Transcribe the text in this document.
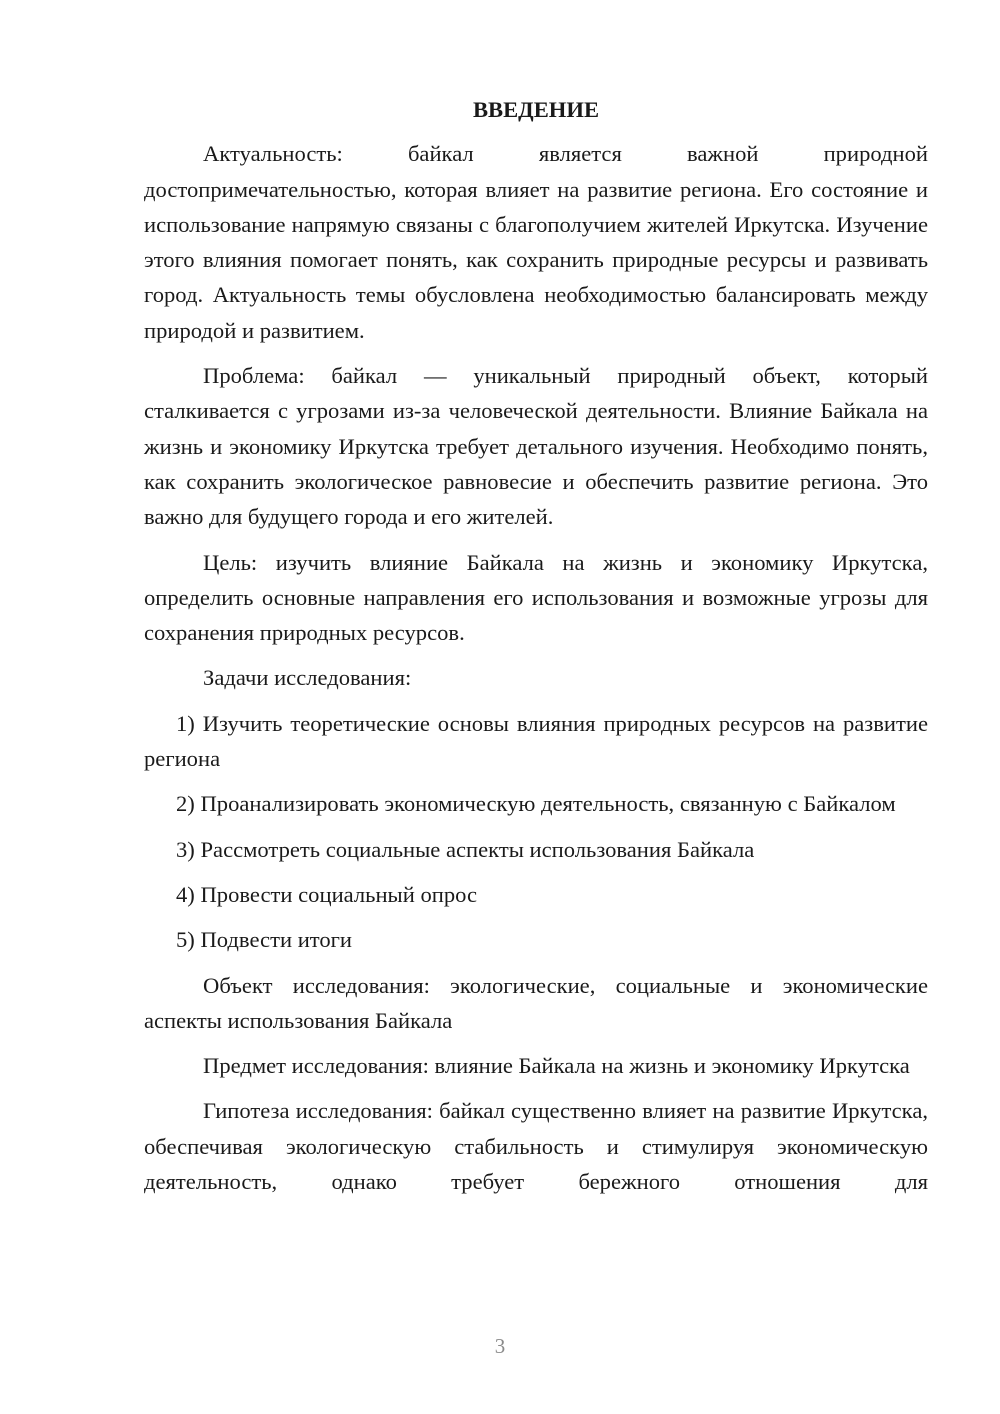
ВВЕДЕНИЕ

Актуальность: байкал является важной природной достопримечательностью, которая влияет на развитие региона. Его состояние и использование напрямую связаны с благополучием жителей Иркутска. Изучение этого влияния помогает понять, как сохранить природные ресурсы и развивать город. Актуальность темы обусловлена необходимостью балансировать между природой и развитием.

Проблема: байкал — уникальный природный объект, который сталкивается с угрозами из-за человеческой деятельности. Влияние Байкала на жизнь и экономику Иркутска требует детального изучения. Необходимо понять, как сохранить экологическое равновесие и обеспечить развитие региона. Это важно для будущего города и его жителей.

Цель: изучить влияние Байкала на жизнь и экономику Иркутска, определить основные направления его использования и возможные угрозы для сохранения природных ресурсов.

Задачи исследования:

1) Изучить теоретические основы влияния природных ресурсов на развитие региона

2) Проанализировать экономическую деятельность, связанную с Байкалом

3) Рассмотреть социальные аспекты использования Байкала

4) Провести социальный опрос

5) Подвести итоги

Объект исследования: экологические, социальные и экономические аспекты использования Байкала

Предмет исследования: влияние Байкала на жизнь и экономику Иркутска

Гипотеза исследования: байкал существенно влияет на развитие Иркутска, обеспечивая экологическую стабильность и стимулируя экономическую деятельность, однако требует бережного отношения для

3
